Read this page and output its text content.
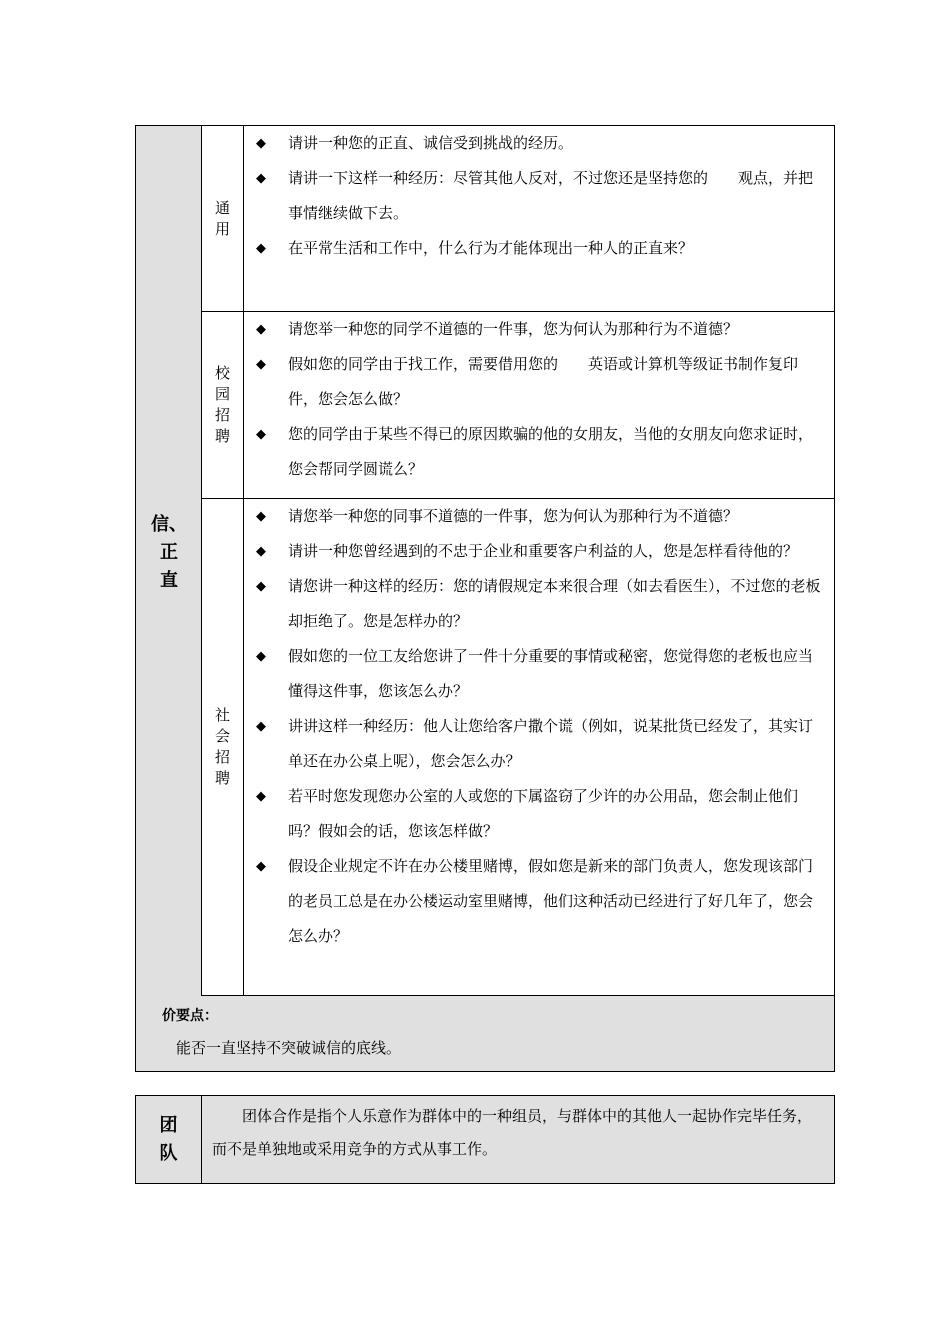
信、
正
直
通用
◆ 请讲一种您的正直、诚信受到挑战的经历。
◆ 请讲一下这样一种经历：尽管其他人反对，不过您还是坚持您的　　观点，并把事情继续做下去。
◆ 在平常生活和工作中，什么行为才能体现出一种人的正直来？
校园招聘
◆ 请您举一种您的同学不道德的一件事，您为何认为那种行为不道德？
◆ 假如您的同学由于找工作，需要借用您的　　英语或计算机等级证书制作复印件，您会怎么做？
◆ 您的同学由于某些不得已的原因欺骗的他的女朋友，当他的女朋友向您求证时，您会帮同学圆谎么？
社会招聘
◆ 请您举一种您的同事不道德的一件事，您为何认为那种行为不道德？
◆ 请讲一种您曾经遇到的不忠于企业和重要客户利益的人，您是怎样看待他的？
◆ 请您讲一种这样的经历：您的请假规定本来很合理（如去看医生），不过您的老板却拒绝了。您是怎样办的？
◆ 假如您的一位工友给您讲了一件十分重要的事情或秘密，您觉得您的老板也应当懂得这件事，您该怎么办？
◆ 讲讲这样一种经历：他人让您给客户撒个谎（例如，说某批货已经发了，其实订单还在办公桌上呢），您会怎么办？
◆ 若平时您发现您办公室的人或您的下属盗窃了少许的办公用品，您会制止他们吗？假如会的话，您该怎样做？
◆ 假设企业规定不许在办公楼里赌博，假如您是新来的部门负责人，您发现该部门的老员工总是在办公楼运动室里赌博，他们这种活动已经进行了好几年了，您会怎么办？
价要点：
能否一直坚持不突破诚信的底线。
团
队
团体合作是指个人乐意作为群体中的一种组员，与群体中的其他人一起协作完毕任务，而不是单独地或采用竞争的方式从事工作。
